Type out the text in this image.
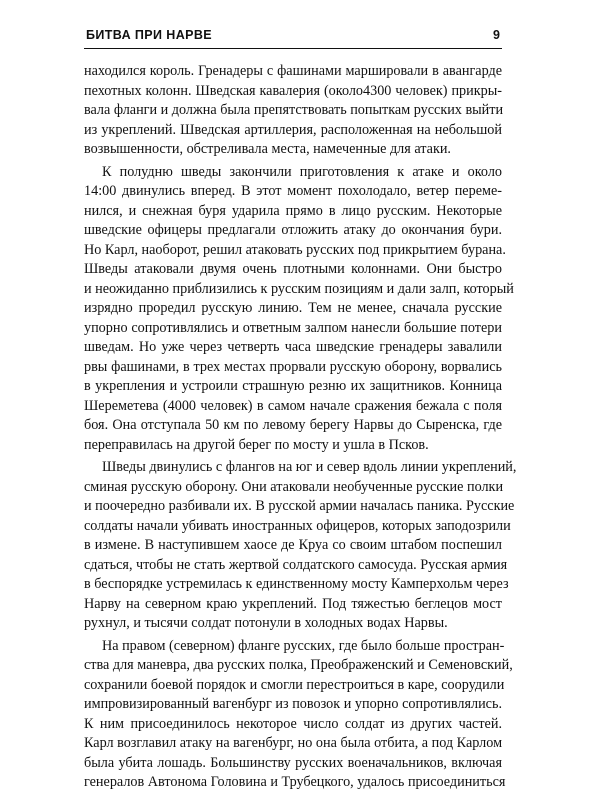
БИТВА ПРИ НАРВЕ	9
находился король. Гренадеры с фашинами маршировали в авангарде
пехотных колонн. Шведская кавалерия (около4300 человек) прикры-
вала фланги и должна была препятствовать попыткам русских выйти
из укреплений. Шведская артиллерия, расположенная на небольшой
возвышенности, обстреливала места, намеченные для атаки.
К полудню шведы закончили приготовления к атаке и около
14:00 двинулись вперед. В этот момент похолодало, ветер переме-
нился, и снежная буря ударила прямо в лицо русским. Некоторые
шведские офицеры предлагали отложить атаку до окончания бури.
Но Карл, наоборот, решил атаковать русских под прикрытием бурана.
Шведы атаковали двумя очень плотными колоннами. Они быстро
и неожиданно приблизились к русским позициям и дали залп, который
изрядно проредил русскую линию. Тем не менее, сначала русские
упорно сопротивлялись и ответным залпом нанесли большие потери
шведам. Но уже через четверть часа шведские гренадеры завалили
рвы фашинами, в трех местах прорвали русскую оборону, ворвались
в укрепления и устроили страшную резню их защитников. Конница
Шереметева (4000 человек) в самом начале сражения бежала с поля
боя. Она отступала 50 км по левому берегу Нарвы до Сыренска, где
переправилась на другой берег по мосту и ушла в Псков.
Шведы двинулись с флангов на юг и север вдоль линии укреплений,
сминая русскую оборону. Они атаковали необученные русские полки
и поочередно разбивали их. В русской армии началась паника. Русские
солдаты начали убивать иностранных офицеров, которых заподозрили
в измене. В наступившем хаосе де Круа со своим штабом поспешил
сдаться, чтобы не стать жертвой солдатского самосуда. Русская армия
в беспорядке устремилась к единственному мосту Камперхольм через
Нарву на северном краю укреплений. Под тяжестью беглецов мост
рухнул, и тысячи солдат потонули в холодных водах Нарвы.
На правом (северном) фланге русских, где было больше простран-
ства для маневра, два русских полка, Преображенский и Семеновский,
сохранили боевой порядок и смогли перестроиться в каре, соорудили
импровизированный вагенбург из повозок и упорно сопротивлялись.
К ним присоединилось некоторое число солдат из других частей.
Карл возглавил атаку на вагенбург, но она была отбита, а под Карлом
была убита лошадь. Большинству русских военачальников, включая
генералов Автонома Головина и Трубецкого, удалось присоединиться
